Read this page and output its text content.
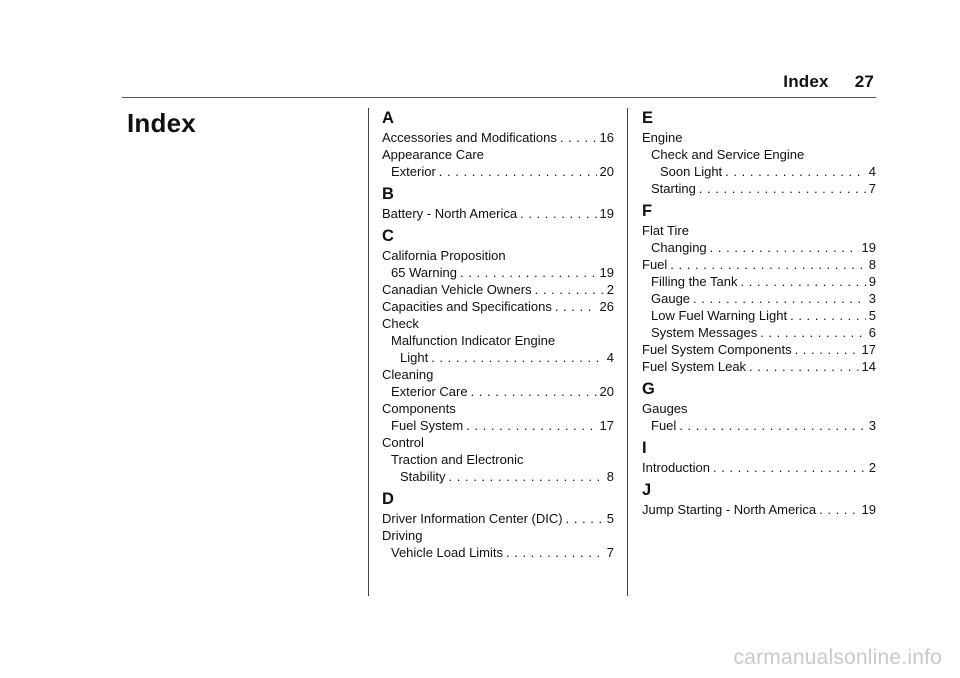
Index 27
Index	A
Accessories and Modifications . . .	16
Appearance Care
Exterior . . .	20
B
Battery - North America . . .	19
C
California Proposition
65 Warning . . .	19
Canadian Vehicle Owners . . .	2
Capacities and Specifications . . .	26
Check
Malfunction Indicator Engine
Light . . .	4
Cleaning
Exterior Care . . .	20
Components
Fuel System . . .	17
Control
Traction and Electronic
Stability . . .	8
D
Driver Information Center (DIC) . . .	5
Driving
Vehicle Load Limits . . .	7
E
Engine
Check and Service Engine
Soon Light . . .	4
Starting . . .	7
F
Flat Tire
Changing . . .	19
Fuel . . .	8
Filling the Tank . . .	9
Gauge . . .	3
Low Fuel Warning Light . . .	5
System Messages . . .	6
Fuel System Components . . .	17
Fuel System Leak . . .	14
G
Gauges
Fuel . . .	3
I
Introduction . . .	2
J
Jump Starting - North America . . .	19
carmanualsonline.info
